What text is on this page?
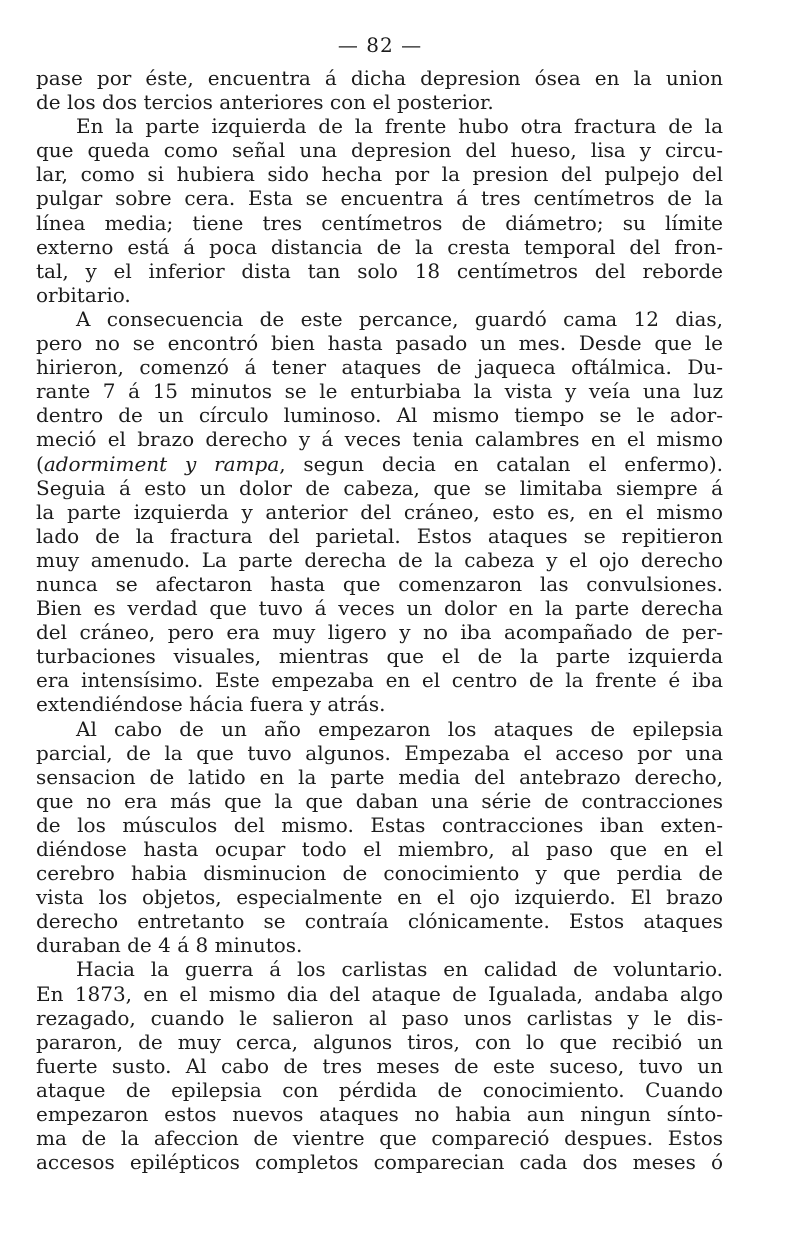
— 82 —
pase por éste, encuentra á dicha depresion ósea en la union
de los dos tercios anteriores con el posterior.
En la parte izquierda de la frente hubo otra fractura de la
que queda como señal una depresion del hueso, lisa y circu-
lar, como si hubiera sido hecha por la presion del pulpejo del
pulgar sobre cera. Esta se encuentra á tres centímetros de la
línea media; tiene tres centímetros de diámetro; su límite
externo está á poca distancia de la cresta temporal del fron-
tal, y el inferior dista tan solo 18 centímetros del reborde
orbitario.
A consecuencia de este percance, guardó cama 12 dias,
pero no se encontró bien hasta pasado un mes. Desde que le
hirieron, comenzó á tener ataques de jaqueca oftálmica. Du-
rante 7 á 15 minutos se le enturbiaba la vista y veía una luz
dentro de un círculo luminoso. Al mismo tiempo se le ador-
meció el brazo derecho y á veces tenia calambres en el mismo
(adormiment y rampa, segun decia en catalan el enfermo).
Seguia á esto un dolor de cabeza, que se limitaba siempre á
la parte izquierda y anterior del cráneo, esto es, en el mismo
lado de la fractura del parietal. Estos ataques se repitieron
muy amenudo. La parte derecha de la cabeza y el ojo derecho
nunca se afectaron hasta que comenzaron las convulsiones.
Bien es verdad que tuvo á veces un dolor en la parte derecha
del cráneo, pero era muy ligero y no iba acompañado de per-
turbaciones visuales, mientras que el de la parte izquierda
era intensísimo. Este empezaba en el centro de la frente é iba
extendiéndose hácia fuera y atrás.
Al cabo de un año empezaron los ataques de epilepsia
parcial, de la que tuvo algunos. Empezaba el acceso por una
sensacion de latido en la parte media del antebrazo derecho,
que no era más que la que daban una série de contracciones
de los músculos del mismo. Estas contracciones iban exten-
diéndose hasta ocupar todo el miembro, al paso que en el
cerebro habia disminucion de conocimiento y que perdia de
vista los objetos, especialmente en el ojo izquierdo. El brazo
derecho entretanto se contraía clónicamente. Estos ataques
duraban de 4 á 8 minutos.
Hacia la guerra á los carlistas en calidad de voluntario.
En 1873, en el mismo dia del ataque de Igualada, andaba algo
rezagado, cuando le salieron al paso unos carlistas y le dis-
pararon, de muy cerca, algunos tiros, con lo que recibió un
fuerte susto. Al cabo de tres meses de este suceso, tuvo un
ataque de epilepsia con pérdida de conocimiento. Cuando
empezaron estos nuevos ataques no habia aun ningun sínto-
ma de la afeccion de vientre que compareció despues. Estos
accesos epilépticos completos comparecian cada dos meses ó
